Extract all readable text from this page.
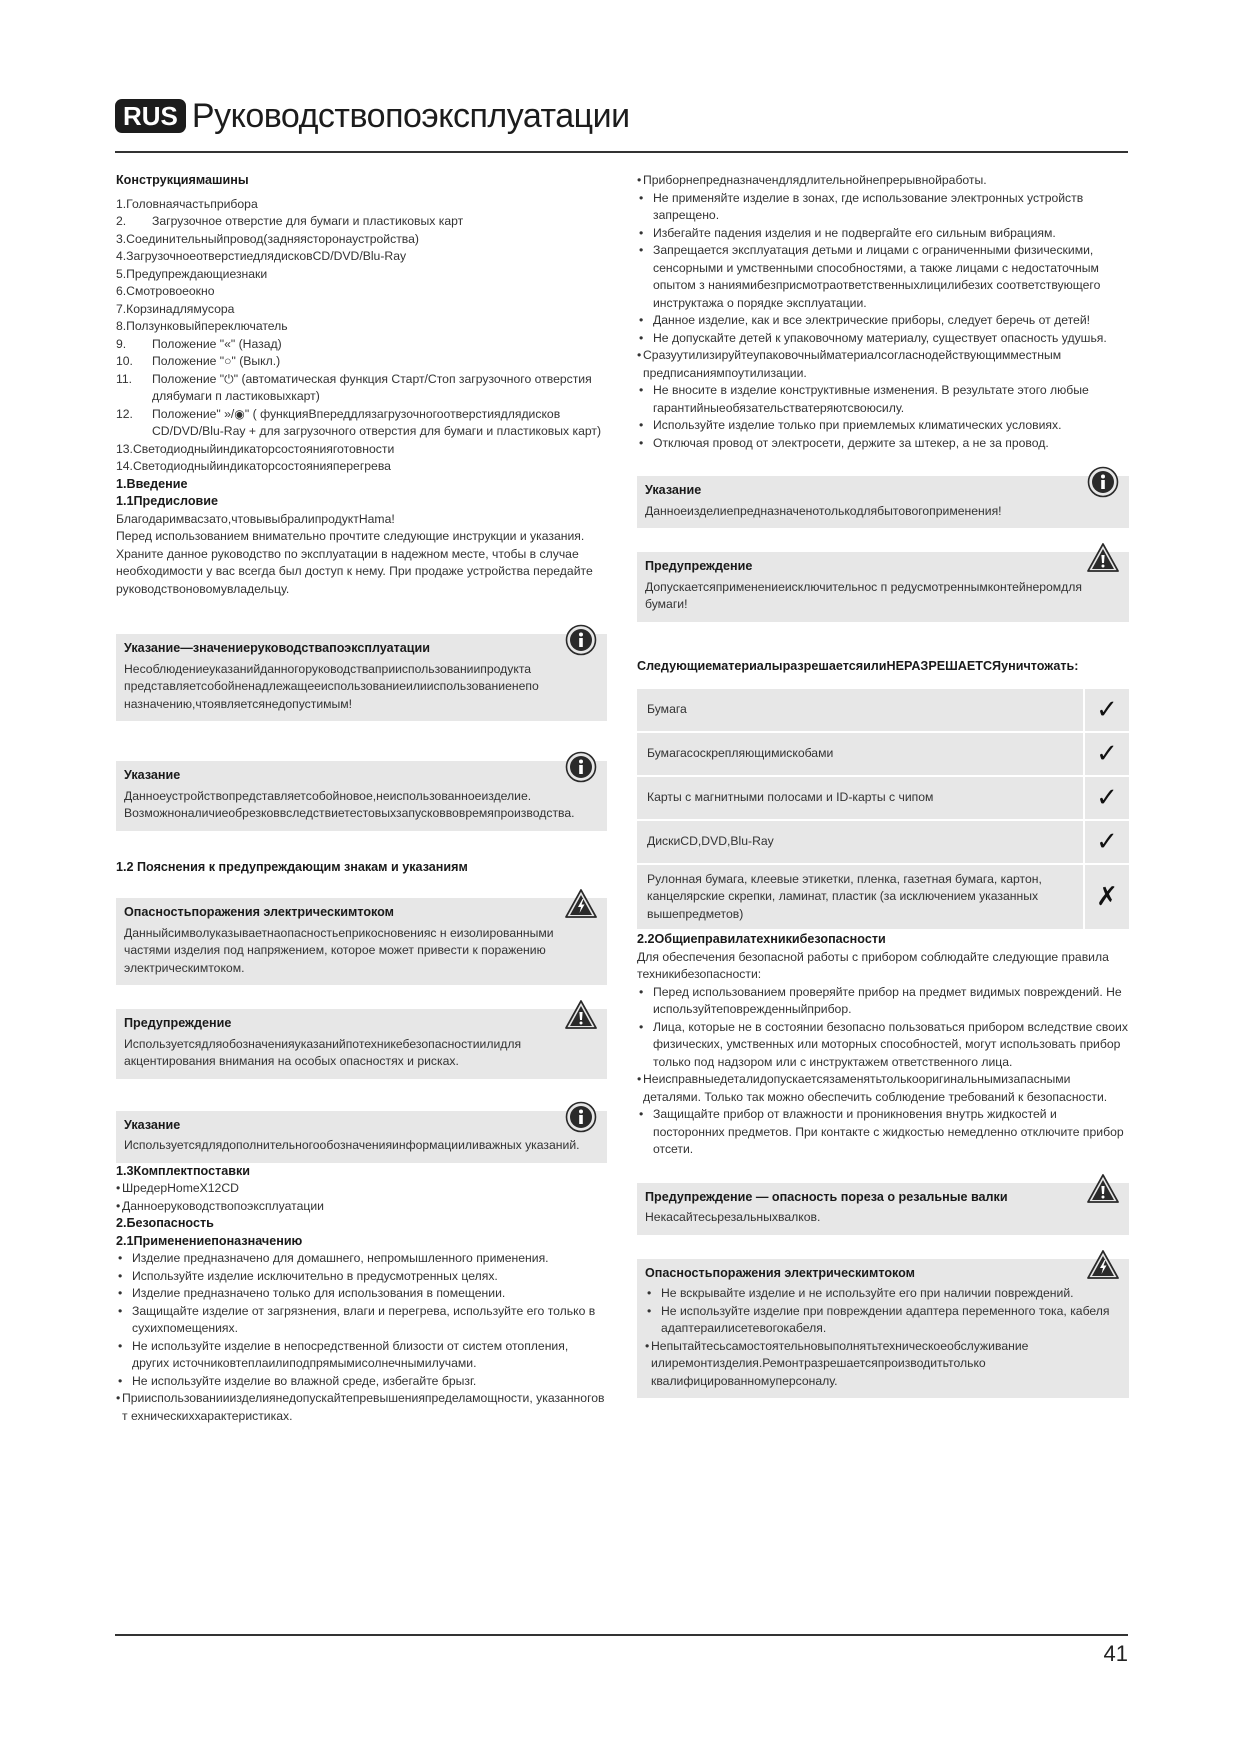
RUS Руководствопоэксплуатации

Конструкциямашины

1.Головнаячастьприбора
2.	Загрузочное отверстие для бумаги и пластиковых карт
3.Соединительныйпровод(задняясторонаустройства)
4.ЗагрузочноеотверстиедлядисковCD/DVD/Blu-Ray
5.Предупреждающиезнаки
6.Смотровоеокно
7.Корзинадлямусора
8.Ползунковыйпереключатель
9.	Положение "«" (Назад)
10.	Положение "○" (Выкл.)
11.	Положение "⏻" (автоматическая функция Старт/Стоп загрузочного отверстия длябумаги п ластиковыхкарт)
12.	Положение" »/◉" ( функцияВпереддлязагрузочногоотверстиядлядисков CD/DVD/Blu-Ray + для загрузочного отверстия для бумаги и пластиковых карт)
13.Светодиодныйиндикаторсостоянияготовности
14.Светодиодныйиндикаторсостоянияперегрева

1.Введение

1.1Предисловие

Благодаримвасзато,чтовывыбралипродуктHama!
Перед использованием внимательно прочтите следующие инструкции и указания. Храните данное руководство по эксплуатации в надежном месте, чтобы в случае необходимости у вас всегда был доступ к нему. При продаже устройства передайте руководствоновомувладельцу.

Указание—значениеруководствапоэксплуатации
Несоблюдениеуказанийданногоруководстваприиспользованиипродукта представляетсобойненадлежащееиспользованиеилииспользованиенепо назначению,чтоявляетсянедопустимым!
Указание
Данноеустройствопредставляетсобойновое,неиспользованноеизделие. Возможноналичиеобрезковвследствиетестовыхзапусковвовремяпроизводства.

1.2 Пояснения к предупреждающим знакам и указаниям

Опасностьпоражения электрическимтоком
Данныйсимволуказываетнаопасностьеприкосновенияс н еизолированными частями изделия под напряжением, которое может привести к поражению электрическимтоком.
Предупреждение
Используетсядляобозначенияуказанийпотехникебезопасностиилидля акцентирования внимания на особых опасностях и рисках.
Указание
Используетсядлядополнительногообозначенияинформацииливажных указаний.

1.3Комплектпоставки

• ШредерHomeX12CD
• Данноеруководствопоэксплуатации

2.Безопасность

2.1Применениепоназначению

• Изделие предназначено для домашнего, непромышленного применения.
• Используйте изделие исключительно в предусмотренных целях.
• Изделие предназначено только для использования в помещении.
• Защищайте изделие от загрязнения, влаги и перегрева, используйте его только в сухихпомещениях.
• Не используйте изделие в непосредственной близости от систем отопления, других источниковтеплаилиподпрямымисолнечнымилучами.
• Не используйте изделие во влажной среде, избегайте брызг.
• Прииспользованииизделиянедопускайтепревышенияпределамощности, указанногов т ехническиххарактеристиках.
• Приборнепредназначендлядлительнойнепрерывнойработы.
• Не применяйте изделие в зонах, где использование электронных устройств запрещено.
• Избегайте падения изделия и не подвергайте его сильным вибрациям.
• Запрещается эксплуатация детьми и лицами с ограниченными физическими, сенсорными и умственными способностями, а также лицами с недостаточным опытом з наниямибезприсмотраответственныхлицилибезих соответствующего инструктажа о порядке эксплуатации.
• Данное изделие, как и все электрические приборы, следует беречь от детей!
• Не допускайте детей к упаковочному материалу, существует опасность удушья.
• Сразуутилизируйтеупаковочныйматериалсогласнодействующимместным предписаниямпоутилизации.
• Не вносите в изделие конструктивные изменения. В результате этого любые гарантийныеобязательстватеряютсвоюсилу.
• Используйте изделие только при приемлемых климатических условиях.
• Отключая провод от электросети, держите за штекер, а не за провод.
Указание
Данноеизделиепредназначенотолькодлябытовогоприменения!
Предупреждение
Допускаетсяприменениеисключительнос п редусмотреннымконтейнеромдля бумаги!

СледующиематериалыразрешаетсяилиНЕРАЗРЕШАЕТСЯуничтожать:

Бумага	✓
Бумагасоскрепляющимискобами	✓
Карты с магнитными полосами и ID-карты с чипом	✓
ДискиCD,DVD,Blu-Ray	✓
Рулонная бумага, клеевые этикетки, пленка, газетная бумага, картон, канцелярские скрепки, ламинат, пластик (за исключением указанных вышепредметов)	✗

2.2Общиеправилатехникибезопасности

Для обеспечения безопасной работы с прибором соблюдайте следующие правила техникибезопасности:

• Перед использованием проверяйте прибор на предмет видимых повреждений. Не используйтеповрежденныйприбор.
• Лица, которые не в состоянии безопасно пользоваться прибором вследствие своих физических, умственных или моторных способностей, могут использовать прибор только под надзором или с инструктажем ответственного лица.
• Неисправныедеталидопускаетсязаменятьтолькооригинальнымизапасными деталями. Только так можно обеспечить соблюдение требований к безопасности.
• Защищайте прибор от влажности и проникновения внутрь жидкостей и посторонних предметов. При контакте с жидкостью немедленно отключите прибор отсети.
Предупреждение — опасность пореза о резальные валки
Некасайтесьрезальныхвалков.
Опасностьпоражения электрическимтоком
• Не вскрывайте изделие и не используйте его при наличии повреждений.
• Не используйте изделие при повреждении адаптера переменного тока, кабеля адаптераилисетевогокабеля.
• Непытайтесьсамостоятельновыполнятьтехническоеобслуживание илиремонтизделия.Ремонтразрешаетсяпроизводитьтолько квалифицированномуперсоналу.
41
